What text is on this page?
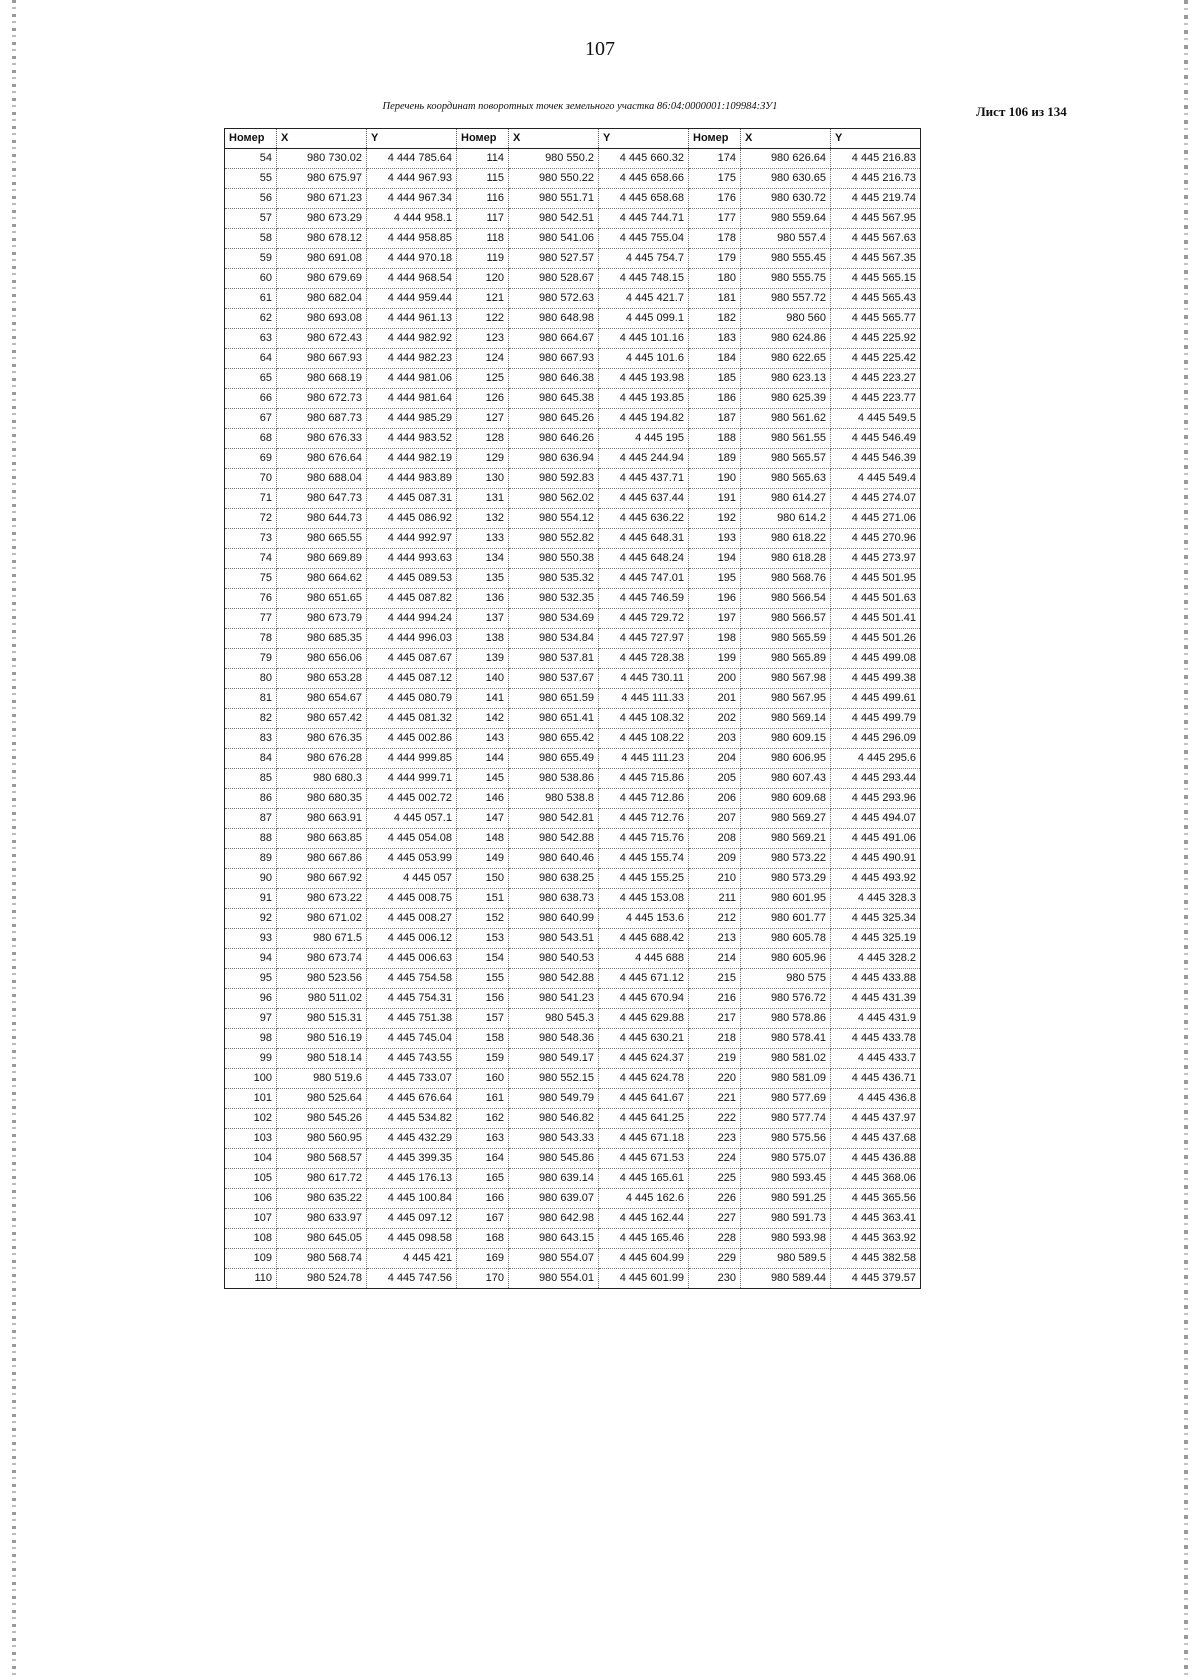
107
Перечень координат поворотных точек земельного участка 86:04:0000001:109984:ЗУ1	Лист 106 из 134
Номер	X	Y	Номер	X	Y	Номер	X	Y
54	980 730.02	4 444 785.64	114	980 550.2	4 445 660.32	174	980 626.64	4 445 216.83
55	980 675.97	4 444 967.93	115	980 550.22	4 445 658.66	175	980 630.65	4 445 216.73
56	980 671.23	4 444 967.34	116	980 551.71	4 445 658.68	176	980 630.72	4 445 219.74
57	980 673.29	4 444 958.1	117	980 542.51	4 445 744.71	177	980 559.64	4 445 567.95
58	980 678.12	4 444 958.85	118	980 541.06	4 445 755.04	178	980 557.4	4 445 567.63
59	980 691.08	4 444 970.18	119	980 527.57	4 445 754.7	179	980 555.45	4 445 567.35
60	980 679.69	4 444 968.54	120	980 528.67	4 445 748.15	180	980 555.75	4 445 565.15
61	980 682.04	4 444 959.44	121	980 572.63	4 445 421.7	181	980 557.72	4 445 565.43
62	980 693.08	4 444 961.13	122	980 648.98	4 445 099.1	182	980 560	4 445 565.77
63	980 672.43	4 444 982.92	123	980 664.67	4 445 101.16	183	980 624.86	4 445 225.92
64	980 667.93	4 444 982.23	124	980 667.93	4 445 101.6	184	980 622.65	4 445 225.42
65	980 668.19	4 444 981.06	125	980 646.38	4 445 193.98	185	980 623.13	4 445 223.27
66	980 672.73	4 444 981.64	126	980 645.38	4 445 193.85	186	980 625.39	4 445 223.77
67	980 687.73	4 444 985.29	127	980 645.26	4 445 194.82	187	980 561.62	4 445 549.5
68	980 676.33	4 444 983.52	128	980 646.26	4 445 195	188	980 561.55	4 445 546.49
69	980 676.64	4 444 982.19	129	980 636.94	4 445 244.94	189	980 565.57	4 445 546.39
70	980 688.04	4 444 983.89	130	980 592.83	4 445 437.71	190	980 565.63	4 445 549.4
71	980 647.73	4 445 087.31	131	980 562.02	4 445 637.44	191	980 614.27	4 445 274.07
72	980 644.73	4 445 086.92	132	980 554.12	4 445 636.22	192	980 614.2	4 445 271.06
73	980 665.55	4 444 992.97	133	980 552.82	4 445 648.31	193	980 618.22	4 445 270.96
74	980 669.89	4 444 993.63	134	980 550.38	4 445 648.24	194	980 618.28	4 445 273.97
75	980 664.62	4 445 089.53	135	980 535.32	4 445 747.01	195	980 568.76	4 445 501.95
76	980 651.65	4 445 087.82	136	980 532.35	4 445 746.59	196	980 566.54	4 445 501.63
77	980 673.79	4 444 994.24	137	980 534.69	4 445 729.72	197	980 566.57	4 445 501.41
78	980 685.35	4 444 996.03	138	980 534.84	4 445 727.97	198	980 565.59	4 445 501.26
79	980 656.06	4 445 087.67	139	980 537.81	4 445 728.38	199	980 565.89	4 445 499.08
80	980 653.28	4 445 087.12	140	980 537.67	4 445 730.11	200	980 567.98	4 445 499.38
81	980 654.67	4 445 080.79	141	980 651.59	4 445 111.33	201	980 567.95	4 445 499.61
82	980 657.42	4 445 081.32	142	980 651.41	4 445 108.32	202	980 569.14	4 445 499.79
83	980 676.35	4 445 002.86	143	980 655.42	4 445 108.22	203	980 609.15	4 445 296.09
84	980 676.28	4 444 999.85	144	980 655.49	4 445 111.23	204	980 606.95	4 445 295.6
85	980 680.3	4 444 999.71	145	980 538.86	4 445 715.86	205	980 607.43	4 445 293.44
86	980 680.35	4 445 002.72	146	980 538.8	4 445 712.86	206	980 609.68	4 445 293.96
87	980 663.91	4 445 057.1	147	980 542.81	4 445 712.76	207	980 569.27	4 445 494.07
88	980 663.85	4 445 054.08	148	980 542.88	4 445 715.76	208	980 569.21	4 445 491.06
89	980 667.86	4 445 053.99	149	980 640.46	4 445 155.74	209	980 573.22	4 445 490.91
90	980 667.92	4 445 057	150	980 638.25	4 445 155.25	210	980 573.29	4 445 493.92
91	980 673.22	4 445 008.75	151	980 638.73	4 445 153.08	211	980 601.95	4 445 328.3
92	980 671.02	4 445 008.27	152	980 640.99	4 445 153.6	212	980 601.77	4 445 325.34
93	980 671.5	4 445 006.12	153	980 543.51	4 445 688.42	213	980 605.78	4 445 325.19
94	980 673.74	4 445 006.63	154	980 540.53	4 445 688	214	980 605.96	4 445 328.2
95	980 523.56	4 445 754.58	155	980 542.88	4 445 671.12	215	980 575	4 445 433.88
96	980 511.02	4 445 754.31	156	980 541.23	4 445 670.94	216	980 576.72	4 445 431.39
97	980 515.31	4 445 751.38	157	980 545.3	4 445 629.88	217	980 578.86	4 445 431.9
98	980 516.19	4 445 745.04	158	980 548.36	4 445 630.21	218	980 578.41	4 445 433.78
99	980 518.14	4 445 743.55	159	980 549.17	4 445 624.37	219	980 581.02	4 445 433.7
100	980 519.6	4 445 733.07	160	980 552.15	4 445 624.78	220	980 581.09	4 445 436.71
101	980 525.64	4 445 676.64	161	980 549.79	4 445 641.67	221	980 577.69	4 445 436.8
102	980 545.26	4 445 534.82	162	980 546.82	4 445 641.25	222	980 577.74	4 445 437.97
103	980 560.95	4 445 432.29	163	980 543.33	4 445 671.18	223	980 575.56	4 445 437.68
104	980 568.57	4 445 399.35	164	980 545.86	4 445 671.53	224	980 575.07	4 445 436.88
105	980 617.72	4 445 176.13	165	980 639.14	4 445 165.61	225	980 593.45	4 445 368.06
106	980 635.22	4 445 100.84	166	980 639.07	4 445 162.6	226	980 591.25	4 445 365.56
107	980 633.97	4 445 097.12	167	980 642.98	4 445 162.44	227	980 591.73	4 445 363.41
108	980 645.05	4 445 098.58	168	980 643.15	4 445 165.46	228	980 593.98	4 445 363.92
109	980 568.74	4 445 421	169	980 554.07	4 445 604.99	229	980 589.5	4 445 382.58
110	980 524.78	4 445 747.56	170	980 554.01	4 445 601.99	230	980 589.44	4 445 379.57
